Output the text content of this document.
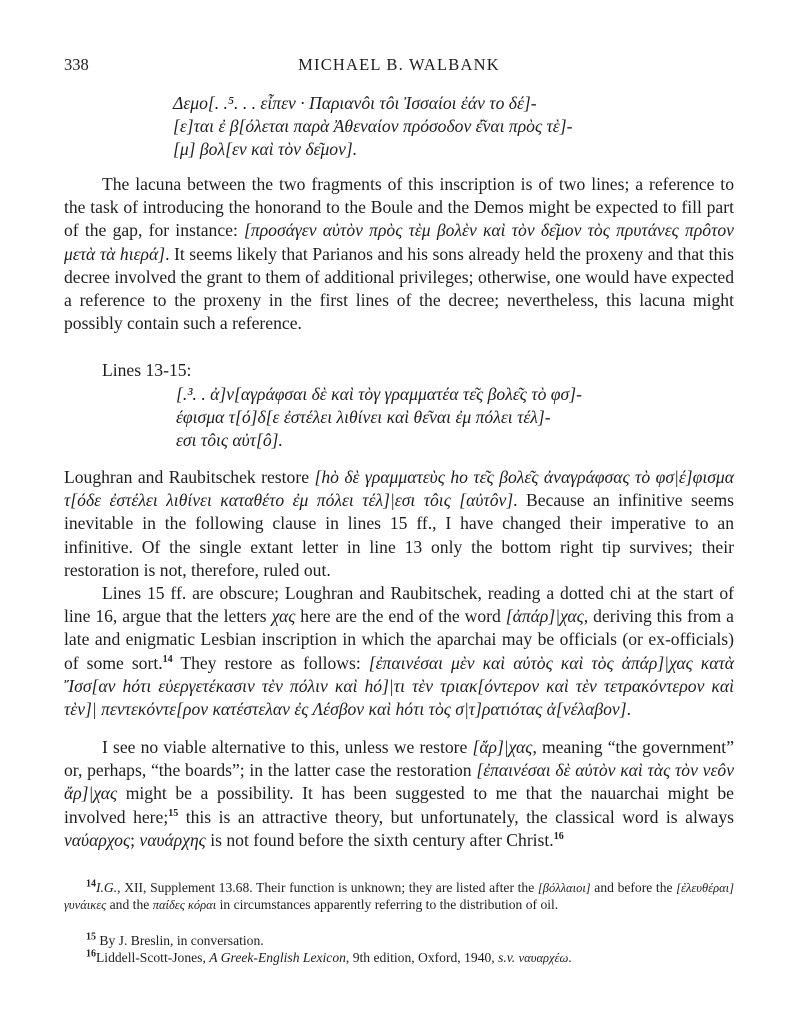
338	MICHAEL B. WALBANK
Δεμο[. .⁵. . . εἶπεν · Παριανôι τôι Ἰσσαίοι ἐάν το δέ]-
[ε]ται ἐ β[όλεται παρὰ Ἀθεναίον πρόσοδον ἐ͂ναι πρὸς τὲ]-
[μ] βολ[εν καὶ τὸν δε͂μον].

The lacuna between the two fragments of this inscription is of two lines; a reference to the task of introducing the honorand to the Boule and the Demos might be expected to fill part of the gap, for instance: [προσάγεν αὐτὸν πρὸς τὲμ βολὲν καὶ τὸν δε͂μον τὸς πρυτάνες πρôτον μετὰ τὰ hιερά]. It seems likely that Parianos and his sons already held the proxeny and that this decree involved the grant to them of additional privileges; otherwise, one would have expected a reference to the proxeny in the first lines of the decree; nevertheless, this lacuna might possibly contain such a reference.

Lines 13-15:
[.³. . ἀ]ν[αγράφσαι δὲ καὶ τὸγ γραμματέα τε͂ς βολε͂ς τὸ φσ]-
έφισμα τ[ό]δ[ε ἐστέλει λιθίνει καὶ θε͂ναι ἐμ πόλει τέλ]-
εσι τôις αὐτ[ô].

Loughran and Raubitschek restore [hὸ δὲ γραμματεὺς ho τε͂ς βολε͂ς ἀναγράφσας τὸ φσ|έ]φισμα τ[όδε ἐστέλει λιθίνει καταθέτο ἐμ πόλει τέλ]|εσι τôις [αὐτôν]. Because an infinitive seems inevitable in the following clause in lines 15 ff., I have changed their imperative to an infinitive. Of the single extant letter in line 13 only the bottom right tip survives; their restoration is not, therefore, ruled out.

Lines 15 ff. are obscure; Loughran and Raubitschek, reading a dotted chi at the start of line 16, argue that the letters χας here are the end of the word [ἀπάρ]|χας, deriving this from a late and enigmatic Lesbian inscription in which the aparchai may be officials (or ex-officials) of some sort.$^{14}$ They restore as follows: [ἐπαινέσαι μὲν καὶ αὐτὸς καὶ τὸς ἀπάρ]|χας κατὰ Ἴσσ[αν hότι εὐεργετέκασιν τὲν πόλιν καὶ hό]|τι τὲν τριακ[όντερον καὶ τὲν τετρακόντερον καὶ τὲν]| πεντεκόντε[ρον κατέστελαν ἐς Λέσβον καὶ hότι τὸς σ|τ]ρατιότας ἀ[νέλαβον].

I see no viable alternative to this, unless we restore [ἄρ]|χας, meaning “the government” or, perhaps, “the boards”; in the latter case the restoration [ἐπαινέσαι δὲ αὐτὸν καὶ τὰς τὸν νεôν ἄρ]|χας might be a possibility. It has been suggested to me that the nauarchai might be involved here;$^{15}$ this is an attractive theory, but unfortunately, the classical word is always ναύαρχος; ναυάρχης is not found before the sixth century after Christ.$^{16}$

$^{14}$I.G., XII, Supplement 13.68. Their function is unknown; they are listed after the [βόλλαιοι] and before the [ἐλευθέραι] γυνάικες and the παίδες κόραι in circumstances apparently referring to the distribution of oil.

$^{15}$ By J. Breslin, in conversation.

$^{16}$Liddell-Scott-Jones, A Greek-English Lexicon, 9th edition, Oxford, 1940, s.v. ναυαρχέω.
